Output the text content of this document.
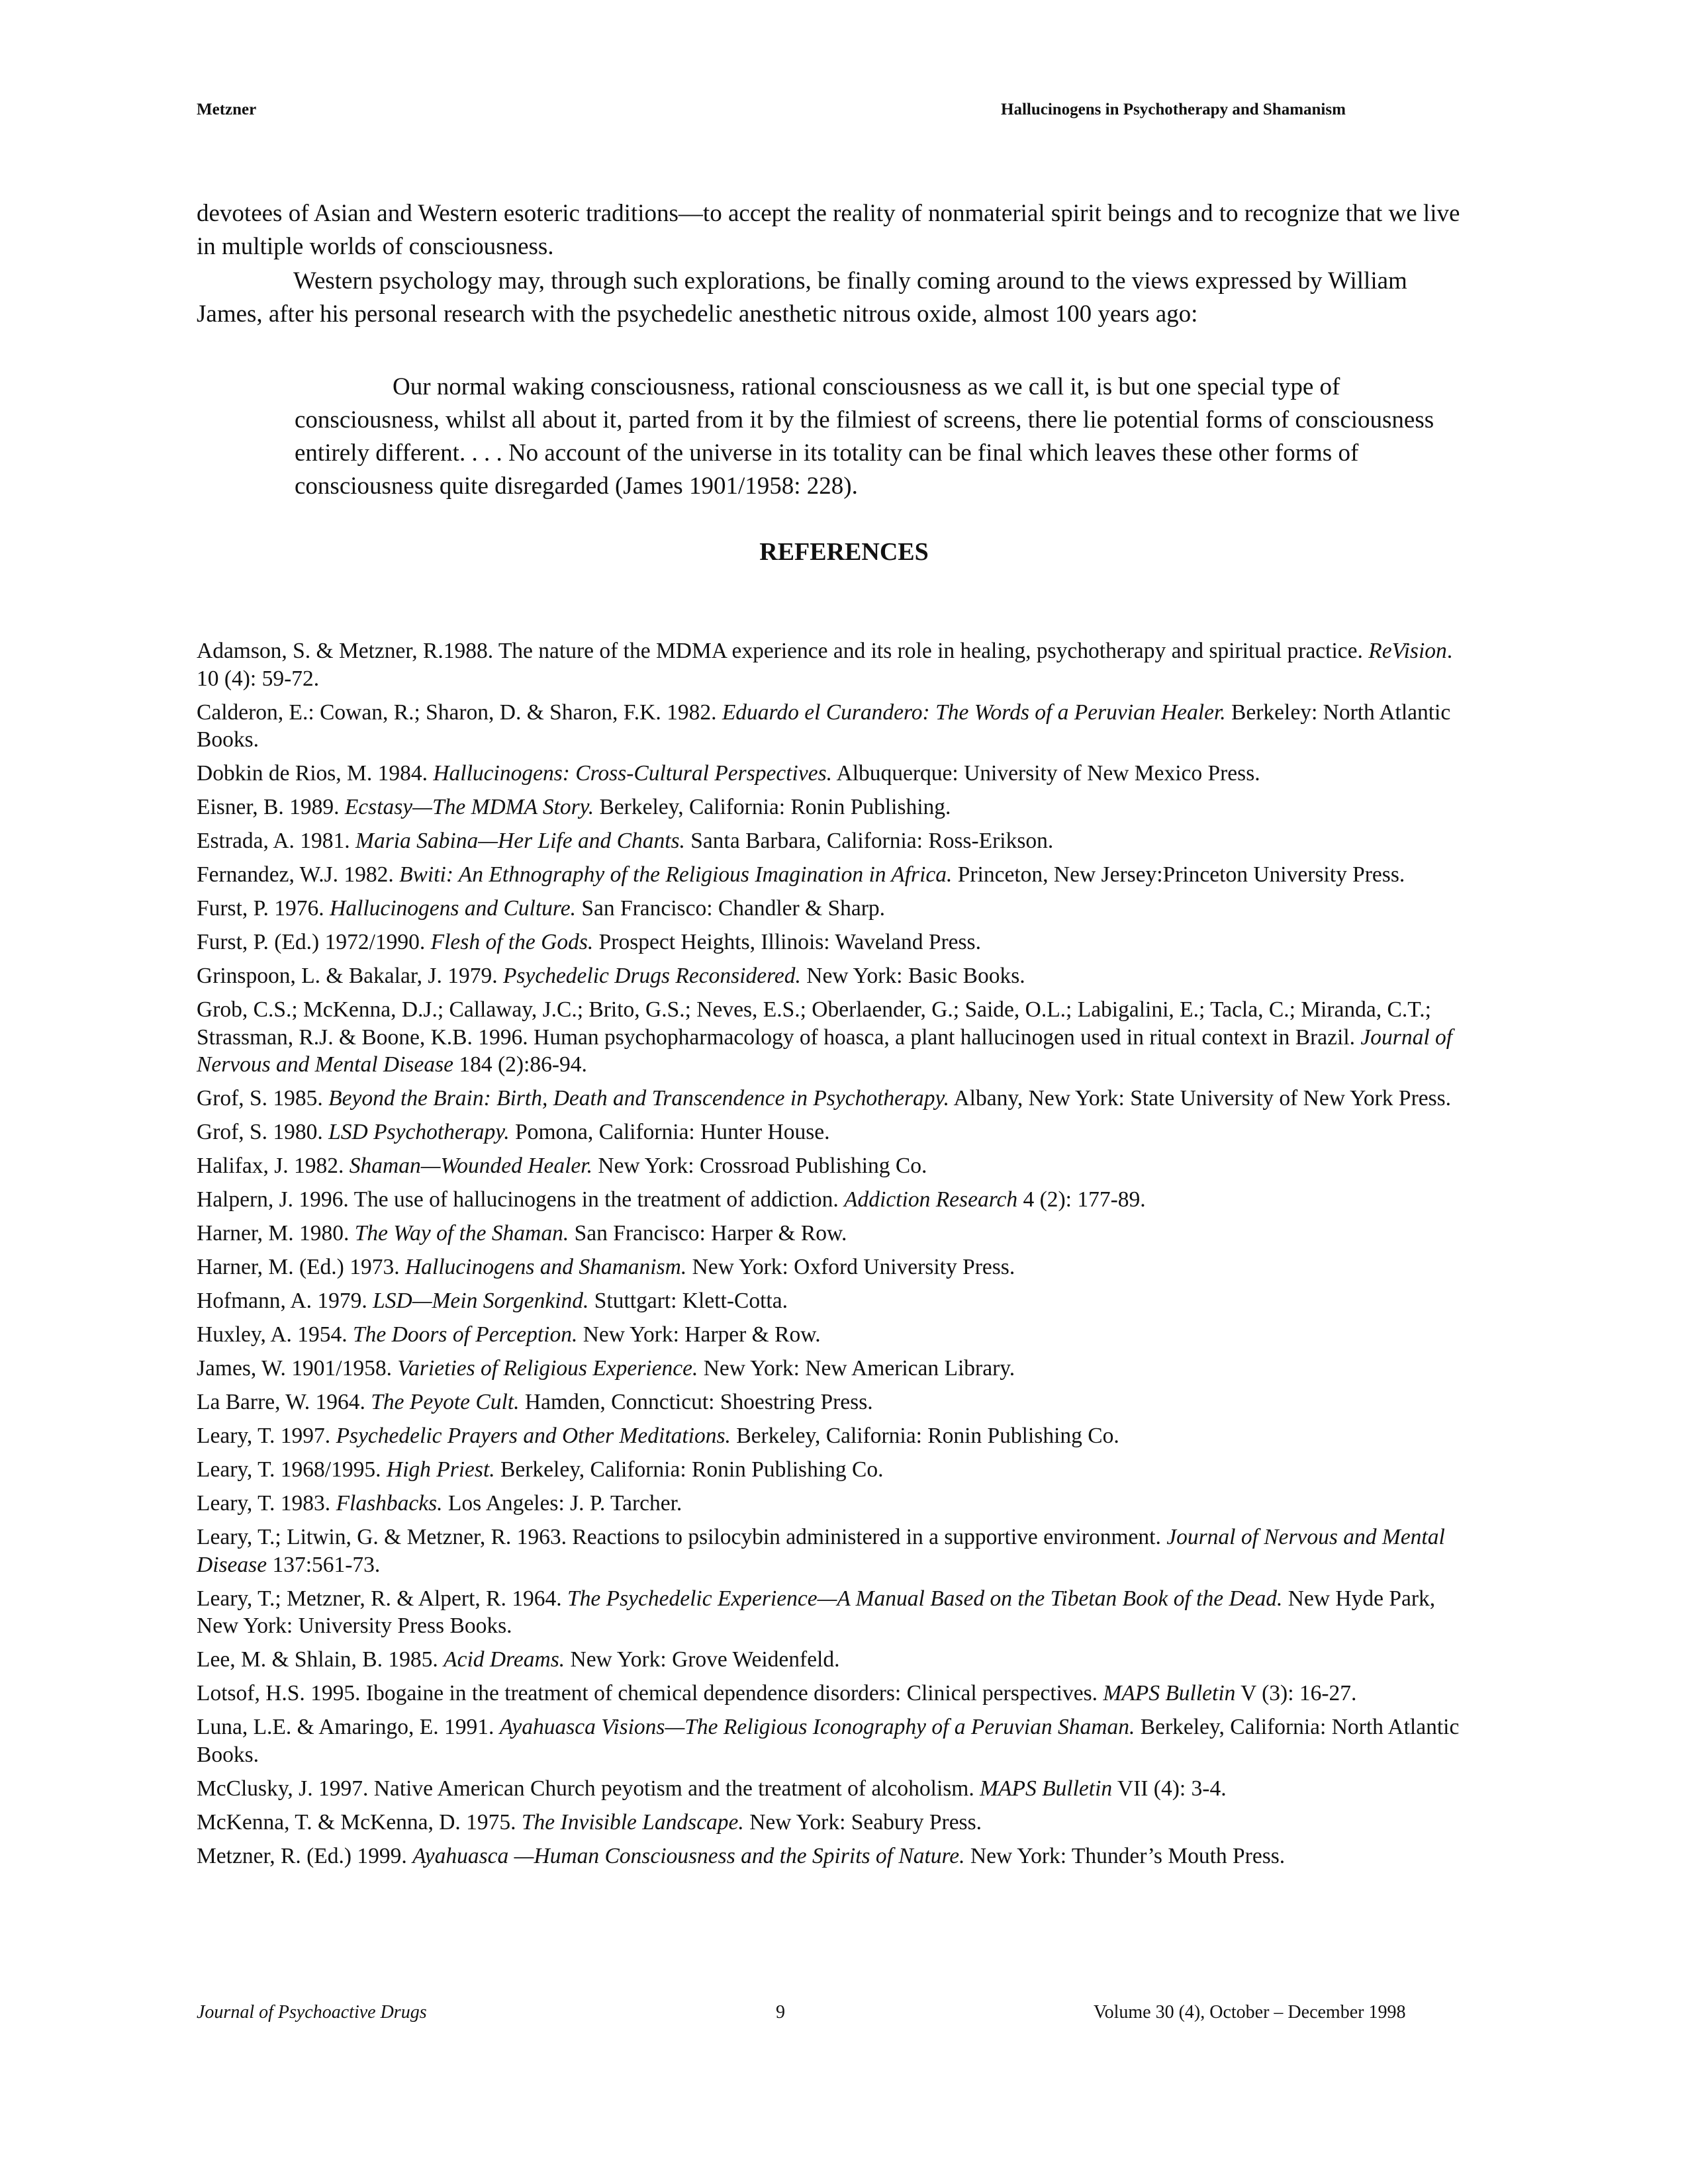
Metzner	Hallucinogens in Psychotherapy and Shamanism

devotees of Asian and Western esoteric traditions—to accept the reality of nonmaterial spirit beings and to recognize that we live in multiple worlds of consciousness.

Western psychology may, through such explorations, be finally coming around to the views expressed by William James, after his personal research with the psychedelic anesthetic nitrous oxide, almost 100 years ago:

Our normal waking consciousness, rational consciousness as we call it, is but one special type of consciousness, whilst all about it, parted from it by the filmiest of screens, there lie potential forms of consciousness entirely different. . . . No account of the universe in its totality can be final which leaves these other forms of consciousness quite disregarded (James 1901/1958: 228).

REFERENCES
Adamson, S. & Metzner, R.1988. The nature of the MDMA experience and its role in healing, psychotherapy and spiritual practice. ReVision. 10 (4): 59-72.
Calderon, E.: Cowan, R.; Sharon, D. & Sharon, F.K. 1982. Eduardo el Curandero: The Words of a Peruvian Healer. Berkeley: North Atlantic Books.
Dobkin de Rios, M. 1984. Hallucinogens: Cross-Cultural Perspectives. Albuquerque: University of New Mexico Press.
Eisner, B. 1989. Ecstasy—The MDMA Story. Berkeley, California: Ronin Publishing.
Estrada, A. 1981. Maria Sabina—Her Life and Chants. Santa Barbara, California: Ross-Erikson.
Fernandez, W.J. 1982. Bwiti: An Ethnography of the Religious Imagination in Africa. Princeton, New Jersey:Princeton University Press.
Furst, P. 1976. Hallucinogens and Culture. San Francisco: Chandler & Sharp.
Furst, P. (Ed.) 1972/1990. Flesh of the Gods. Prospect Heights, Illinois: Waveland Press.
Grinspoon, L. & Bakalar, J. 1979. Psychedelic Drugs Reconsidered. New York: Basic Books.
Grob, C.S.; McKenna, D.J.; Callaway, J.C.; Brito, G.S.; Neves, E.S.; Oberlaender, G.; Saide, O.L.; Labigalini, E.; Tacla, C.; Miranda, C.T.; Strassman, R.J. & Boone, K.B. 1996. Human psychopharmacology of hoasca, a plant hallucinogen used in ritual context in Brazil. Journal of Nervous and Mental Disease 184 (2):86-94.
Grof, S. 1985. Beyond the Brain: Birth, Death and Transcendence in Psychotherapy. Albany, New York: State University of New York Press.
Grof, S. 1980. LSD Psychotherapy. Pomona, California: Hunter House.
Halifax, J. 1982. Shaman—Wounded Healer. New York: Crossroad Publishing Co.
Halpern, J. 1996. The use of hallucinogens in the treatment of addiction. Addiction Research 4 (2): 177-89.
Harner, M. 1980. The Way of the Shaman. San Francisco: Harper & Row.
Harner, M. (Ed.) 1973. Hallucinogens and Shamanism. New York: Oxford University Press.
Hofmann, A. 1979. LSD—Mein Sorgenkind. Stuttgart: Klett-Cotta.
Huxley, A. 1954. The Doors of Perception. New York: Harper & Row.
James, W. 1901/1958. Varieties of Religious Experience. New York: New American Library.
La Barre, W. 1964. The Peyote Cult. Hamden, Conncticut: Shoestring Press.
Leary, T. 1997. Psychedelic Prayers and Other Meditations. Berkeley, California: Ronin Publishing Co.
Leary, T. 1968/1995. High Priest. Berkeley, California: Ronin Publishing Co.
Leary, T. 1983. Flashbacks. Los Angeles: J. P. Tarcher.
Leary, T.; Litwin, G. & Metzner, R. 1963. Reactions to psilocybin administered in a supportive environment. Journal of Nervous and Mental Disease 137:561-73.
Leary, T.; Metzner, R. & Alpert, R. 1964. The Psychedelic Experience—A Manual Based on the Tibetan Book of the Dead. New Hyde Park, New York: University Press Books.
Lee, M. & Shlain, B. 1985. Acid Dreams. New York: Grove Weidenfeld.
Lotsof, H.S. 1995. Ibogaine in the treatment of chemical dependence disorders: Clinical perspectives. MAPS Bulletin V (3): 16-27.
Luna, L.E. & Amaringo, E. 1991. Ayahuasca Visions—The Religious Iconography of a Peruvian Shaman. Berkeley, California: North Atlantic Books.
McClusky, J. 1997. Native American Church peyotism and the treatment of alcoholism. MAPS Bulletin VII (4): 3-4.
McKenna, T. & McKenna, D. 1975. The Invisible Landscape. New York: Seabury Press.
Metzner, R. (Ed.) 1999. Ayahuasca —Human Consciousness and the Spirits of Nature. New York: Thunder’s Mouth Press.
Journal of Psychoactive Drugs	9	Volume 30 (4), October – December 1998
